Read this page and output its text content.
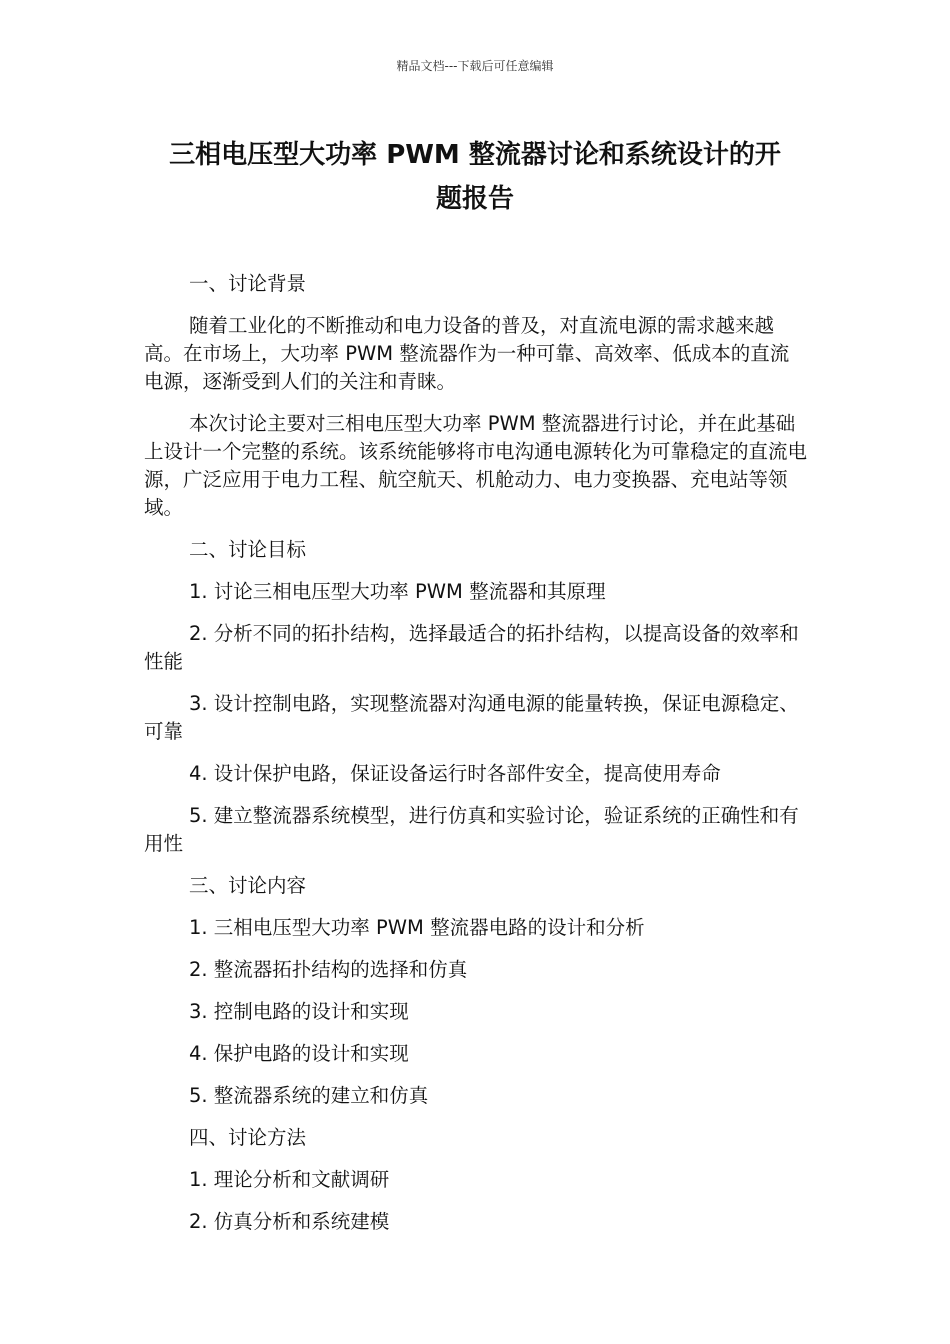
精品文档---下载后可任意编辑
三相电压型大功率 PWM 整流器讨论和系统设计的开
题报告

一、讨论背景

随着工业化的不断推动和电力设备的普及，对直流电源的需求越来越高。在市场上，大功率 PWM 整流器作为一种可靠、高效率、低成本的直流电源，逐渐受到人们的关注和青睐。

本次讨论主要对三相电压型大功率 PWM 整流器进行讨论，并在此基础上设计一个完整的系统。该系统能够将市电沟通电源转化为可靠稳定的直流电源，广泛应用于电力工程、航空航天、机舱动力、电力变换器、充电站等领域。

二、讨论目标

1. 讨论三相电压型大功率 PWM 整流器和其原理

2. 分析不同的拓扑结构，选择最适合的拓扑结构，以提高设备的效率和性能

3. 设计控制电路，实现整流器对沟通电源的能量转换，保证电源稳定、可靠

4. 设计保护电路，保证设备运行时各部件安全，提高使用寿命

5. 建立整流器系统模型，进行仿真和实验讨论，验证系统的正确性和有用性

三、讨论内容

1. 三相电压型大功率 PWM 整流器电路的设计和分析

2. 整流器拓扑结构的选择和仿真

3. 控制电路的设计和实现

4. 保护电路的设计和实现

5. 整流器系统的建立和仿真

四、讨论方法

1. 理论分析和文献调研

2. 仿真分析和系统建模
